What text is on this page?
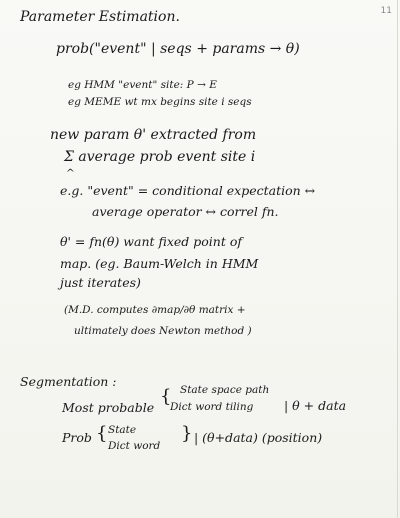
11
Parameter Estimation.
prob("event" | seqs + params → θ)
eg HMM "event" site: P → E
eg MEME wt mx begins site i seqs
new param θ' extracted from
Σ average prob event site i
^
e.g. "event" = conditional expectation ↔
average operator ↔ correl fn.
θ' = fn(θ) want fixed point of
map. (eg. Baum-Welch in HMM
just iterates)
(M.D. computes ∂map/∂θ matrix +
ultimately does Newton method )
Segmentation :
State space path
Most probable
{
Dict word tiling | θ + data
Prob { State
Dict word
} | (θ+data) (position)
